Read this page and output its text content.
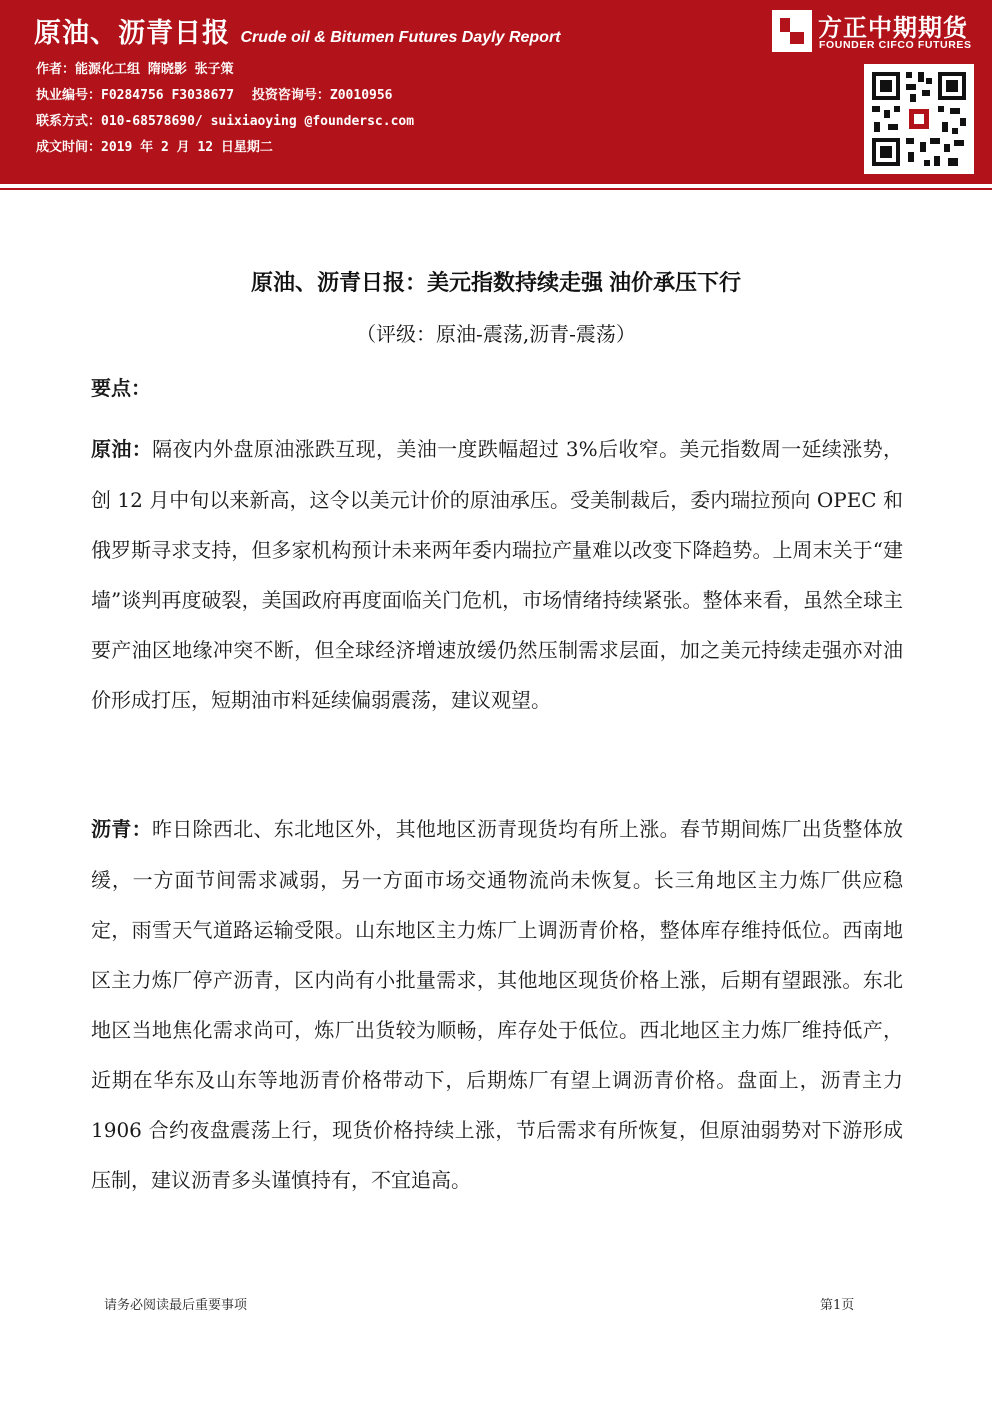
原油、沥青日报 Crude oil & Bitumen Futures Dayly Report
作者：能源化工组 隋晓影 张子策
执业编号：F0284756 F3038677 投资咨询号：Z0010956
联系方式：010-68578690/ suixiaoying @foundersc.com
成文时间：2019 年 2 月 12 日星期二
方正中期期货
FOUNDER CIFCO FUTURES
原油、沥青日报：美元指数持续走强 油价承压下行
（评级：原油-震荡,沥青-震荡）
要点：
原油：隔夜内外盘原油涨跌互现，美油一度跌幅超过 3%后收窄。美元指数周一延续涨势，创 12 月中旬以来新高，这令以美元计价的原油承压。受美制裁后，委内瑞拉预向 OPEC 和俄罗斯寻求支持，但多家机构预计未来两年委内瑞拉产量难以改变下降趋势。上周末关于“建墙”谈判再度破裂，美国政府再度面临关门危机，市场情绪持续紧张。整体来看，虽然全球主要产油区地缘冲突不断，但全球经济增速放缓仍然压制需求层面，加之美元持续走强亦对油价形成打压，短期油市料延续偏弱震荡，建议观望。
沥青：昨日除西北、东北地区外，其他地区沥青现货均有所上涨。春节期间炼厂出货整体放缓，一方面节间需求减弱，另一方面市场交通物流尚未恢复。长三角地区主力炼厂供应稳定，雨雪天气道路运输受限。山东地区主力炼厂上调沥青价格，整体库存维持低位。西南地区主力炼厂停产沥青，区内尚有小批量需求，其他地区现货价格上涨，后期有望跟涨。东北地区当地焦化需求尚可，炼厂出货较为顺畅，库存处于低位。西北地区主力炼厂维持低产，近期在华东及山东等地沥青价格带动下，后期炼厂有望上调沥青价格。盘面上，沥青主力 1906 合约夜盘震荡上行，现货价格持续上涨，节后需求有所恢复，但原油弱势对下游形成压制，建议沥青多头谨慎持有，不宜追高。
请务必阅读最后重要事项	第1页
